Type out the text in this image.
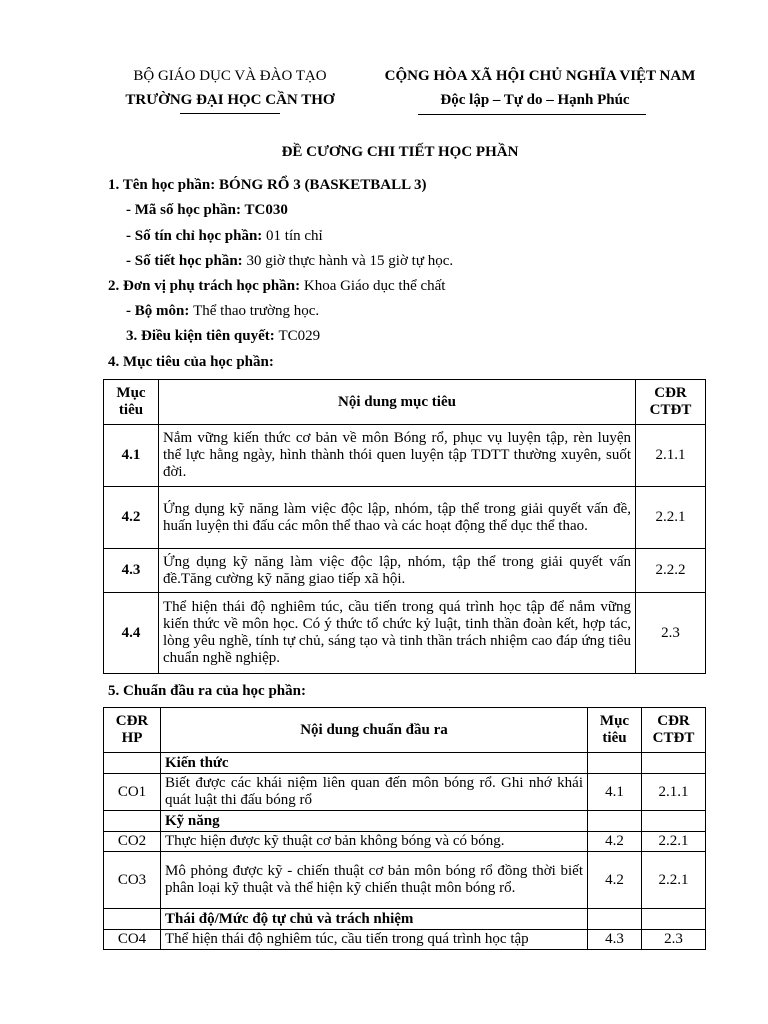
BỘ GIÁO DỤC VÀ ĐÀO TẠO
TRƯỜNG ĐẠI HỌC CẦN THƠ
CỘNG HÒA XÃ HỘI CHỦ NGHĨA VIỆT NAM
Độc lập – Tự do – Hạnh Phúc
ĐỀ CƯƠNG CHI TIẾT HỌC PHẦN
1. Tên học phần: BÓNG RỔ 3 (BASKETBALL 3)
- Mã số học phần: TC030
- Số tín chỉ học phần: 01 tín chỉ
- Số tiết học phần: 30 giờ thực hành và 15 giờ tự học.
2. Đơn vị phụ trách học phần: Khoa Giáo dục thể chất
- Bộ môn: Thể thao trường học.
3. Điều kiện tiên quyết: TC029
4. Mục tiêu của học phần:
Mục tiêu	Nội dung mục tiêu	CĐR CTĐT
4.1	Nắm vững kiến thức cơ bản về môn Bóng rổ, phục vụ luyện tập, rèn luyện thể lực hằng ngày, hình thành thói quen luyện tập TDTT thường xuyên, suốt đời.	2.1.1
4.2	Ứng dụng kỹ năng làm việc độc lập, nhóm, tập thể trong giải quyết vấn đề, huấn luyện thi đấu các môn thể thao và các hoạt động thể dục thể thao.	2.2.1
4.3	Ứng dụng kỹ năng làm việc độc lập, nhóm, tập thể trong giải quyết vấn đề.Tăng cường kỹ năng giao tiếp xã hội.	2.2.2
4.4	Thể hiện thái độ nghiêm túc, cầu tiến trong quá trình học tập để nắm vững kiến thức về môn học. Có ý thức tổ chức kỷ luật, tinh thần đoàn kết, hợp tác, lòng yêu nghề, tính tự chủ, sáng tạo và tinh thần trách nhiệm cao đáp ứng tiêu chuẩn nghề nghiệp.	2.3
5. Chuẩn đầu ra của học phần:
CĐR HP	Nội dung chuẩn đầu ra	Mục tiêu	CĐR CTĐT
	Kiến thức		
CO1	Biết được các khái niệm liên quan đến môn bóng rổ. Ghi nhớ khái quát luật thi đấu bóng rổ	4.1	2.1.1
	Kỹ năng		
CO2	Thực hiện được kỹ thuật cơ bản không bóng và có bóng.	4.2	2.2.1
CO3	Mô phỏng được kỹ - chiến thuật cơ bản môn bóng rổ đồng thời biết phân loại kỹ thuật và thể hiện kỹ chiến thuật môn bóng rổ.	4.2	2.2.1
	Thái độ/Mức độ tự chủ và trách nhiệm		
CO4	Thể hiện thái độ nghiêm túc, cầu tiến trong quá trình học tập	4.3	2.3
